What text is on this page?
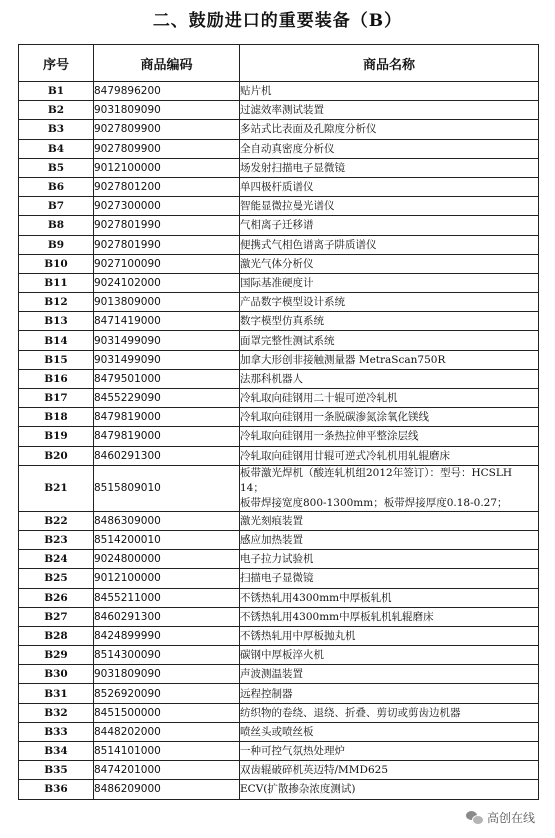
二、鼓励进口的重要装备（B）
序号	商品编码	商品名称
B1	8479896200	贴片机
B2	9031809090	过滤效率测试装置
B3	9027809900	多站式比表面及孔隙度分析仪
B4	9027809900	全自动真密度分析仪
B5	9012100000	场发射扫描电子显微镜
B6	9027801200	单四极杆质谱仪
B7	9027300000	智能显微拉曼光谱仪
B8	9027801990	气相离子迁移谱
B9	9027801990	便携式气相色谱离子阱质谱仪
B10	9027100090	激光气体分析仪
B11	9024102000	国际基准硬度计
B12	9013809000	产品数字模型设计系统
B13	8471419000	数字模型仿真系统
B14	9031499090	面罩完整性测试系统
B15	9031499090	加拿大形创非接触测量器 MetraScan750R
B16	8479501000	法那科机器人
B17	8455229090	冷轧取向硅钢用二十辊可逆冷轧机
B18	8479819000	冷轧取向硅钢用一条脱碳渗氮涂氧化镁线
B19	8479819000	冷轧取向硅钢用一条热拉伸平整涂层线
B20	8460291300	冷轧取向硅钢用廿辊可逆式冷轧机用轧辊磨床
B21	8515809010	板带激光焊机（酸连轧机组2012年签订）：型号：HCSLH 14；
板带焊接宽度800-1300mm；板带焊接厚度0.18-0.27；

B22	8486309000	激光刻痕装置
B23	8514200010	感应加热装置
B24	9024800000	电子拉力试验机
B25	9012100000	扫描电子显微镜
B26	8455211000	不锈热轧用4300mm中厚板轧机
B27	8460291300	不锈热轧用4300mm中厚板轧机轧辊磨床
B28	8424899990	不锈热轧用中厚板抛丸机
B29	8514300090	碳钢中厚板淬火机
B30	9031809090	声波测温装置
B31	8526920090	远程控制器
B32	8451500000	纺织物的卷绕、退绕、折叠、剪切或剪齿边机器
B33	8448202000	喷丝头或喷丝板
B34	8514101000	一种可控气氛热处理炉
B35	8474201000	双齿辊破碎机英迈特/MMD625
B36	8486209000	ECV(扩散掺杂浓度测试)
高创在线
